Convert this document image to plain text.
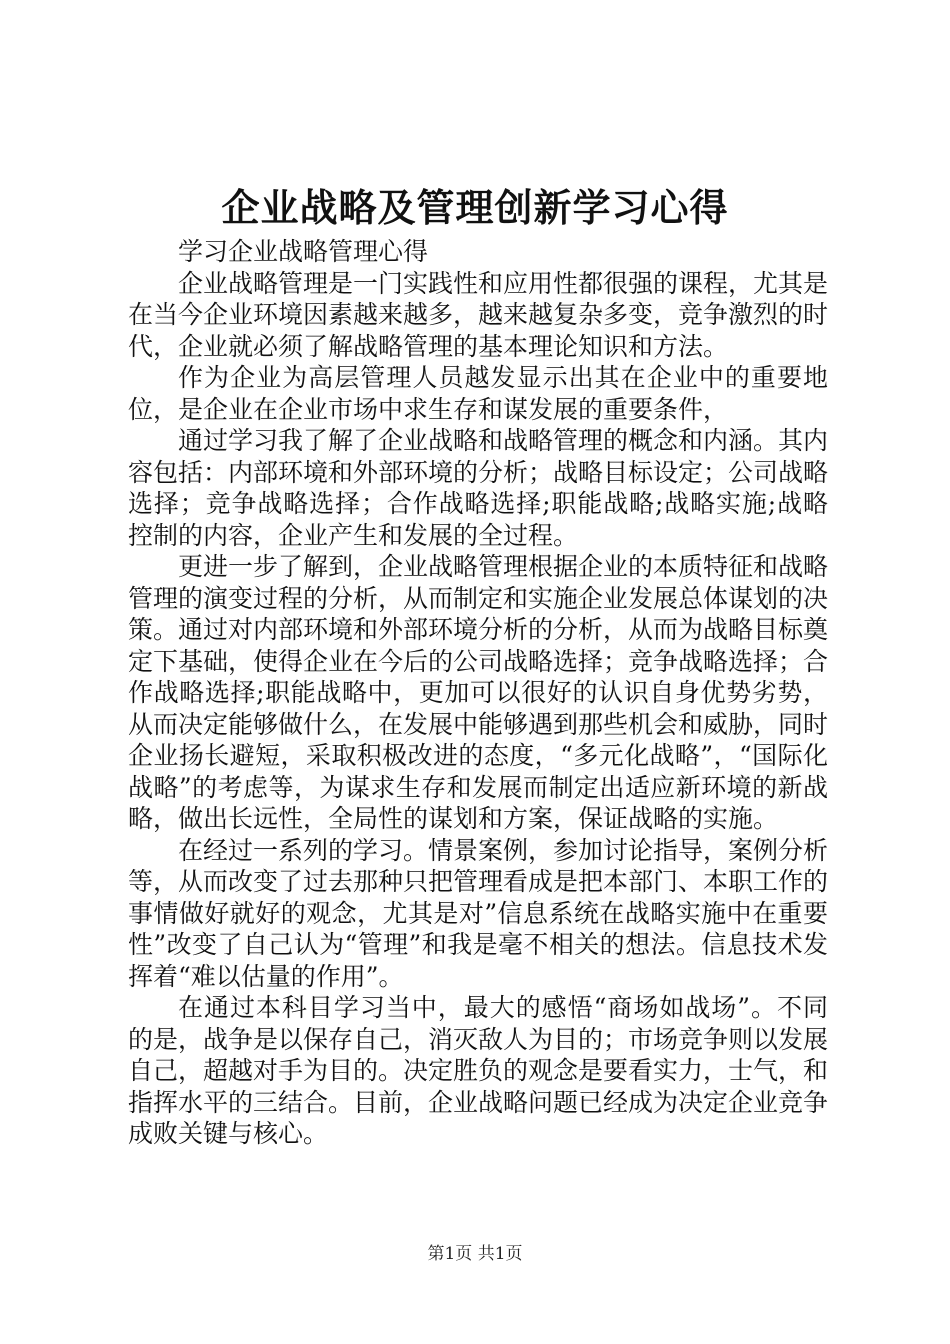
企业战略及管理创新学习心得

学习企业战略管理心得

企业战略管理是一门实践性和应用性都很强的课程，尤其是在当今企业环境因素越来越多，越来越复杂多变，竞争激烈的时代，企业就必须了解战略管理的基本理论知识和方法。

作为企业为高层管理人员越发显示出其在企业中的重要地位，是企业在企业市场中求生存和谋发展的重要条件，

通过学习我了解了企业战略和战略管理的概念和内涵。其内容包括：内部环境和外部环境的分析；战略目标设定；公司战略选择；竞争战略选择；合作战略选择;职能战略;战略实施;战略控制的内容，企业产生和发展的全过程。

更进一步了解到，企业战略管理根据企业的本质特征和战略管理的演变过程的分析，从而制定和实施企业发展总体谋划的决策。通过对内部环境和外部环境分析的分析，从而为战略目标奠定下基础，使得企业在今后的公司战略选择；竞争战略选择；合作战略选择;职能战略中，更加可以很好的认识自身优势劣势，从而决定能够做什么，在发展中能够遇到那些机会和威胁，同时企业扬长避短，采取积极改进的态度，“多元化战略”，“国际化战略”的考虑等，为谋求生存和发展而制定出适应新环境的新战略，做出长远性，全局性的谋划和方案，保证战略的实施。

在经过一系列的学习。情景案例，参加讨论指导，案例分析等，从而改变了过去那种只把管理看成是把本部门、本职工作的事情做好就好的观念，尤其是对”信息系统在战略实施中在重要性”改变了自己认为“管理”和我是毫不相关的想法。信息技术发挥着“难以估量的作用”。

在通过本科目学习当中，最大的感悟“商场如战场”。不同的是，战争是以保存自己，消灭敌人为目的；市场竞争则以发展自己，超越对手为目的。决定胜负的观念是要看实力，士气，和指挥水平的三结合。目前，企业战略问题已经成为决定企业竞争成败关键与核心。

第1页 共1页
